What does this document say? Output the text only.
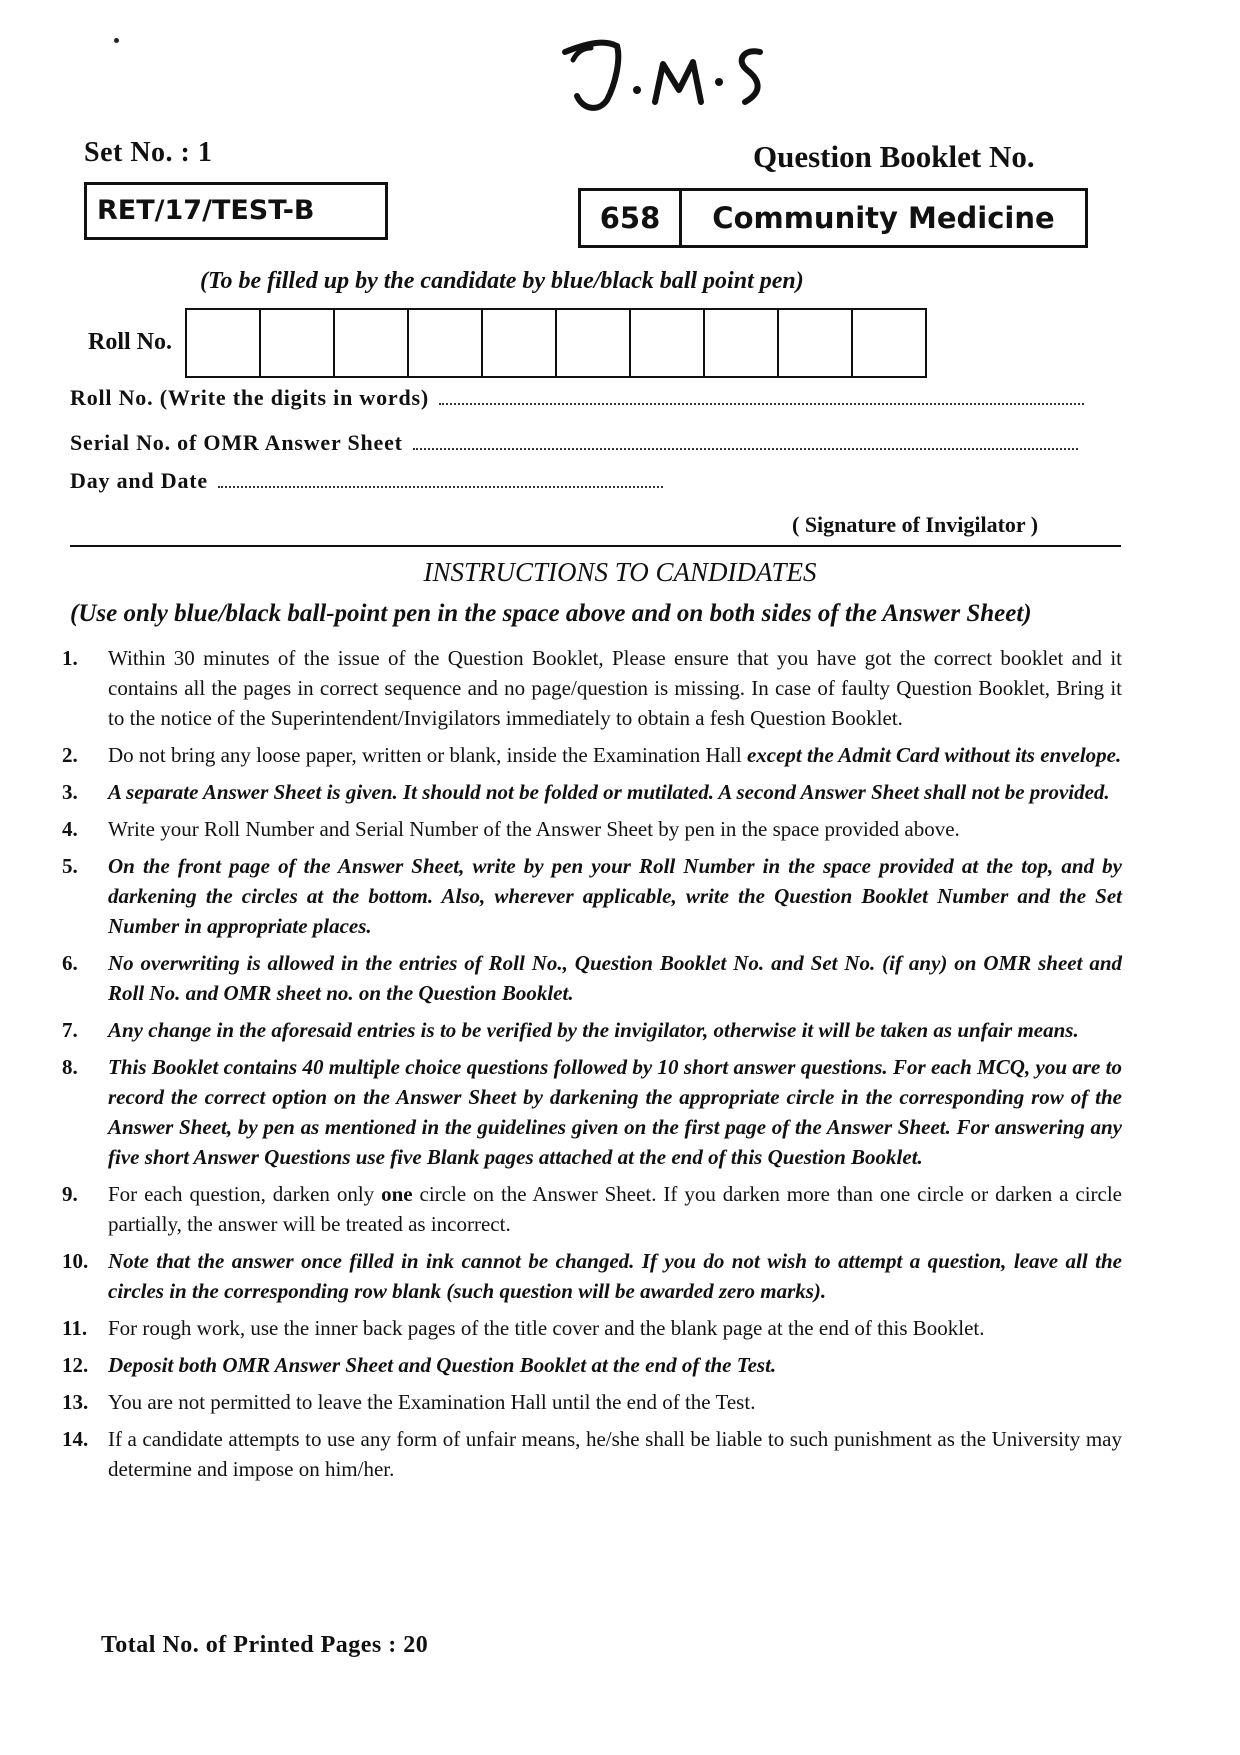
Set No. : 1	Question Booklet No.
RET/17/TEST-B	658	Community Medicine
(To be filled up by the candidate by blue/black ball point pen)
Roll No.
Roll No. (Write the digits in words)
Serial No. of OMR Answer Sheet
Day and Date
( Signature of Invigilator )
INSTRUCTIONS TO CANDIDATES
(Use only blue/black ball-point pen in the space above and on both sides of the Answer Sheet)
1.	Within 30 minutes of the issue of the Question Booklet, Please ensure that you have got the correct booklet and it contains all the pages in correct sequence and no page/question is missing. In case of faulty Question Booklet, Bring it to the notice of the Superintendent/Invigilators immediately to obtain a fesh Question Booklet.
2.	Do not bring any loose paper, written or blank, inside the Examination Hall except the Admit Card without its envelope.
3.	A separate Answer Sheet is given. It should not be folded or mutilated. A second Answer Sheet shall not be provided.
4.	Write your Roll Number and Serial Number of the Answer Sheet by pen in the space provided above.
5.	On the front page of the Answer Sheet, write by pen your Roll Number in the space provided at the top, and by darkening the circles at the bottom. Also, wherever applicable, write the Question Booklet Number and the Set Number in appropriate places.
6.	No overwriting is allowed in the entries of Roll No., Question Booklet No. and Set No. (if any) on OMR sheet and Roll No. and OMR sheet no. on the Question Booklet.
7.	Any change in the aforesaid entries is to be verified by the invigilator, otherwise it will be taken as unfair means.
8.	This Booklet contains 40 multiple choice questions followed by 10 short answer questions. For each MCQ, you are to record the correct option on the Answer Sheet by darkening the appropriate circle in the corresponding row of the Answer Sheet, by pen as mentioned in the guidelines given on the first page of the Answer Sheet. For answering any five short Answer Questions use five Blank pages attached at the end of this Question Booklet.
9.	For each question, darken only one circle on the Answer Sheet. If you darken more than one circle or darken a circle partially, the answer will be treated as incorrect.
10. Note that the answer once filled in ink cannot be changed. If you do not wish to attempt a question, leave all the circles in the corresponding row blank (such question will be awarded zero marks).
11. For rough work, use the inner back pages of the title cover and the blank page at the end of this Booklet.
12. Deposit both OMR Answer Sheet and Question Booklet at the end of the Test.
13. You are not permitted to leave the Examination Hall until the end of the Test.
14. If a candidate attempts to use any form of unfair means, he/she shall be liable to such punishment as the University may determine and impose on him/her.
Total No. of Printed Pages : 20
